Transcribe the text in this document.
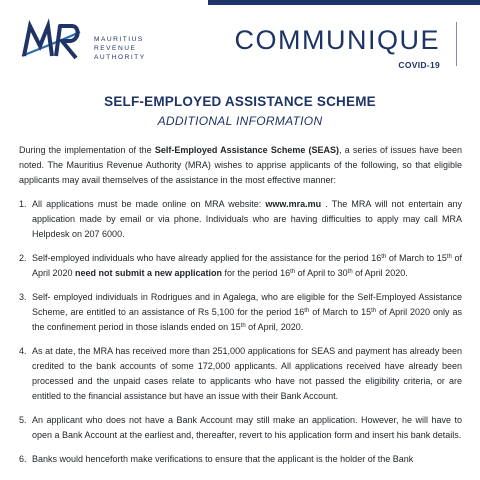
MAURITIUS
REVENUE
AUTHORITY
COMMUNIQUE
COVID-19
SELF-EMPLOYED ASSISTANCE SCHEME
ADDITIONAL INFORMATION

During the implementation of the Self-Employed Assistance Scheme (SEAS), a series of issues have been noted. The Mauritius Revenue Authority (MRA) wishes to apprise applicants of the following, so that eligible applicants may avail themselves of the assistance in the most effective manner:

1. All applications must be made online on MRA website: www.mra.mu . The MRA will not entertain any application made by email or via phone. Individuals who are having difficulties to apply may call MRA Helpdesk on 207 6000.
2. Self-employed individuals who have already applied for the assistance for the period 16th of March to 15th of April 2020 need not submit a new application for the period 16th of April to 30th of April 2020.
3. Self- employed individuals in Rodrigues and in Agalega, who are eligible for the Self-Employed Assistance Scheme, are entitled to an assistance of Rs 5,100 for the period 16th of March to 15th of April 2020 only as the confinement period in those islands ended on 15th of April, 2020.
4. As at date, the MRA has received more than 251,000 applications for SEAS and payment has already been credited to the bank accounts of some 172,000 applicants. All applications received have already been processed and the unpaid cases relate to applicants who have not passed the eligibility criteria, or are entitled to the financial assistance but have an issue with their Bank Account.
5. An applicant who does not have a Bank Account may still make an application. However, he will have to open a Bank Account at the earliest and, thereafter, revert to his application form and insert his bank details.
6. Banks would henceforth make verifications to ensure that the applicant is the holder of the Bank
